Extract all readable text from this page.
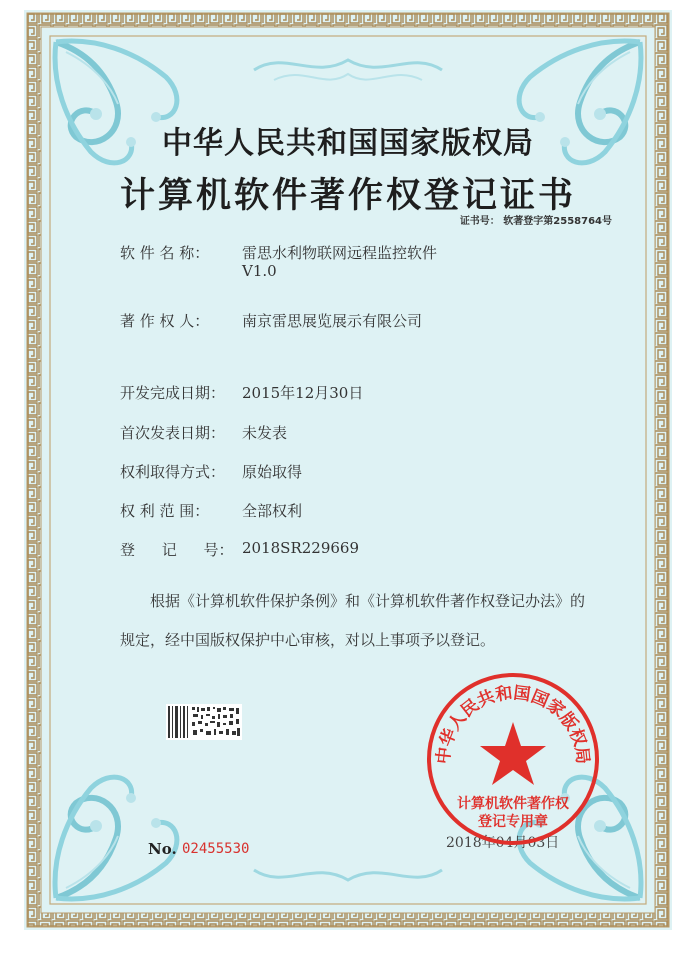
中华人民共和国国家版权局
计算机软件著作权登记证书
证书号： 软著登字第2558764号
软 件 名 称： 雷思水利物联网远程监控软件
V1.0
著 作 权 人： 南京雷思展览展示有限公司
开发完成日期： 2015年12月30日
首次发表日期： 未发表
权利取得方式： 原始取得
权 利 范 围： 全部权利
登 记 号： 2018SR229669
根据《计算机软件保护条例》和《计算机软件著作权登记办法》的
规定，经中国版权保护中心审核，对以上事项予以登记。
No. 02455530	2018年04月03日
中华人民共和国国家版权局
计算机软件著作权
登记专用章
